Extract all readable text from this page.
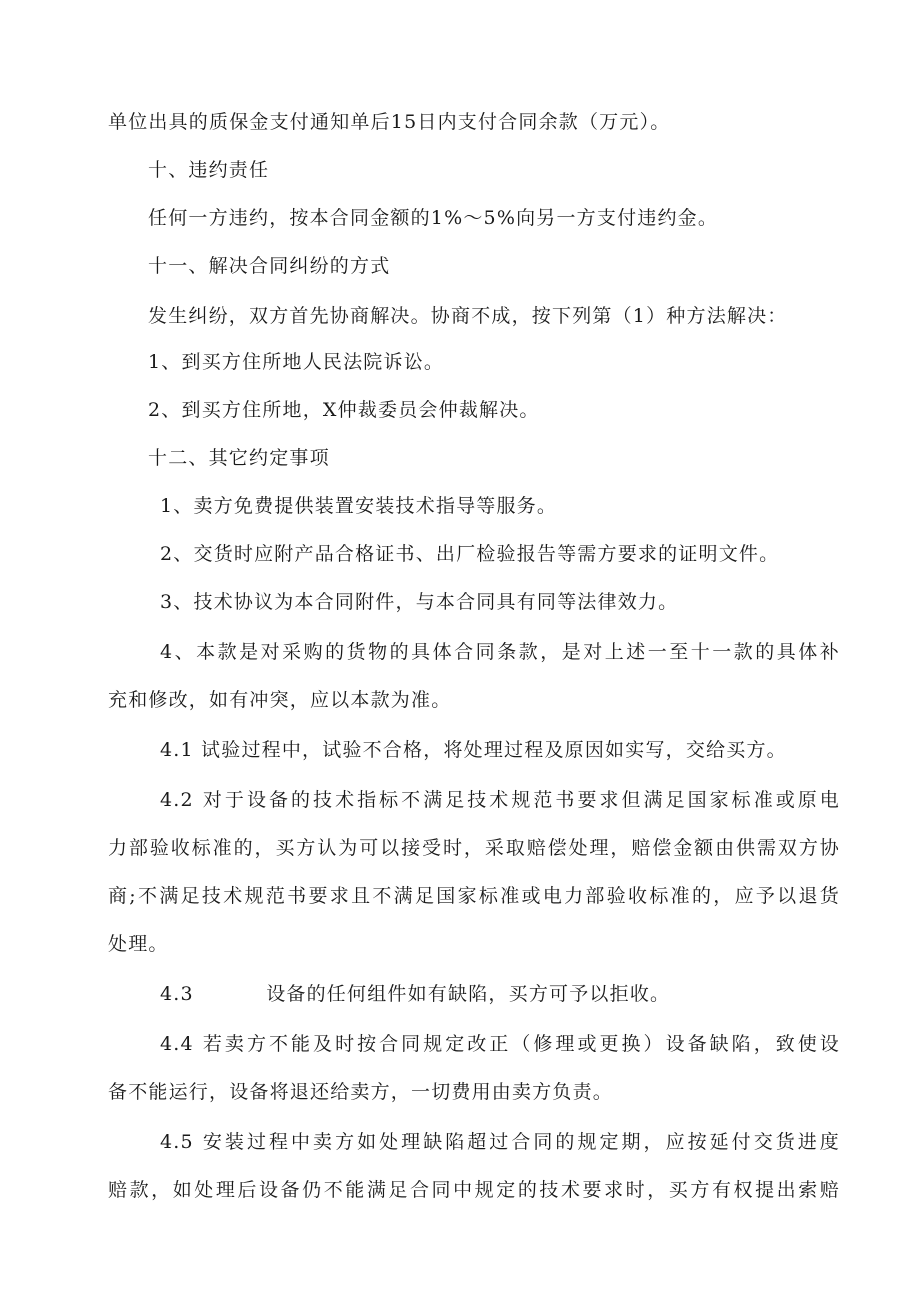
单位出具的质保金支付通知单后15日内支付合同余款（万元）。
十、违约责任
任何一方违约，按本合同金额的1%～5%向另一方支付违约金。
十一、解决合同纠纷的方式
发生纠纷，双方首先协商解决。协商不成，按下列第（1）种方法解决：
1、到买方住所地人民法院诉讼。
2、到买方住所地，X仲裁委员会仲裁解决。
十二、其它约定事项
1、卖方免费提供装置安装技术指导等服务。
2、交货时应附产品合格证书、出厂检验报告等需方要求的证明文件。
3、技术协议为本合同附件，与本合同具有同等法律效力。
4、本款是对采购的货物的具体合同条款，是对上述一至十一款的具体补
充和修改，如有冲突，应以本款为准。
4.1 试验过程中，试验不合格，将处理过程及原因如实写，交给买方。
4.2 对于设备的技术指标不满足技术规范书要求但满足国家标准或原电
力部验收标准的，买方认为可以接受时，采取赔偿处理，赔偿金额由供需双方协
商;不满足技术规范书要求且不满足国家标准或电力部验收标准的，应予以退货
处理。
4.3          设备的任何组件如有缺陷，买方可予以拒收。
4.4 若卖方不能及时按合同规定改正（修理或更换）设备缺陷，致使设
备不能运行，设备将退还给卖方，一切费用由卖方负责。
4.5 安装过程中卖方如处理缺陷超过合同的规定期，应按延付交货进度
赔款，如处理后设备仍不能满足合同中规定的技术要求时，买方有权提出索赔
